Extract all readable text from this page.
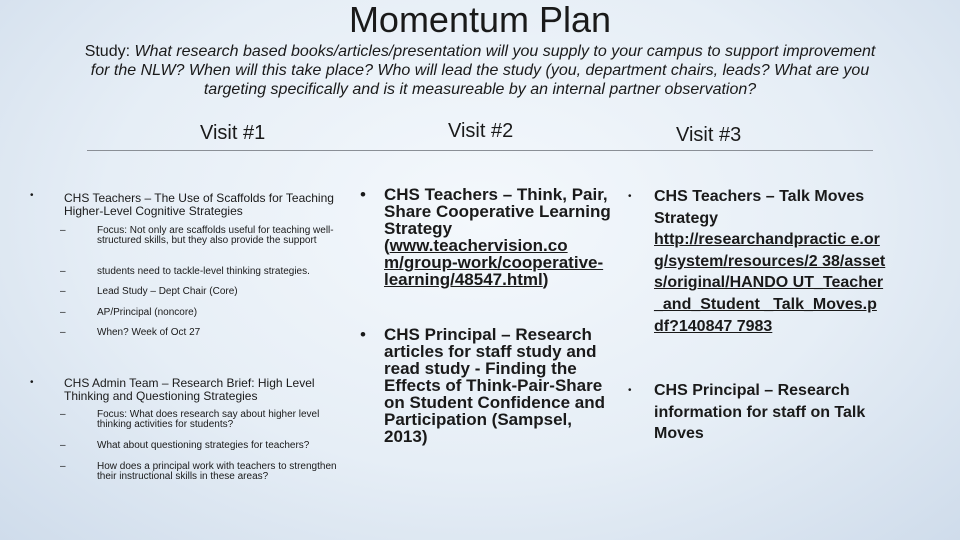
Momentum Plan
Study: What research based books/articles/presentation will you supply to your campus to support improvement for the NLW? When will this take place? Who will lead the study (you, department chairs, leads? What are you targeting specifically and is it measureable by an internal partner observation?
Visit #1	Visit #2	Visit #3
•	CHS Teachers – The Use of Scaffolds for Teaching Higher-Level Cognitive Strategies
–	Focus: Not only are scaffolds useful for teaching well-structured skills, but they also provide the support
–	students need to tackle-level thinking strategies.
–	Lead Study – Dept Chair (Core)
–	AP/Principal (noncore)
–	When? Week of Oct 27
•	CHS Admin Team – Research Brief: High Level Thinking and Questioning Strategies
–	Focus: What does research say about higher level thinking activities for students?
–	What about questioning strategies for teachers?
–	How does a principal work with teachers to strengthen their instructional skills in these areas?
• CHS Teachers – Think, Pair, Share Cooperative Learning Strategy (www.teachervision.co m/group-work/cooperative-learning/48547.html)
• CHS Principal – Research articles for staff study and read study - Finding the Effects of Think-Pair-Share on Student Confidence and Participation (Sampsel, 2013)
• CHS Teachers – Talk Moves Strategy
http://researchandpractic e.org/system/resources/2 38/assets/original/HANDO UT_Teacher_and_Student _Talk_Moves.pdf?140847 7983
• CHS Principal – Research information for staff on Talk Moves
